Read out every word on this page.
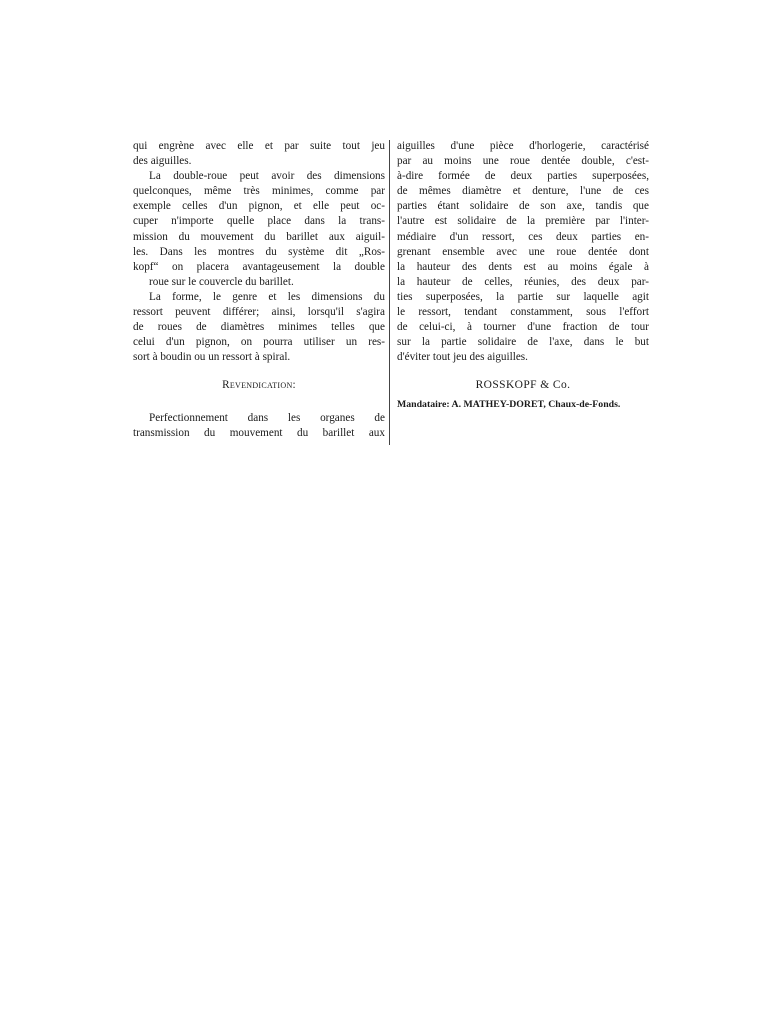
qui engrène avec elle et par suite tout jeu
des aiguilles.
La double-roue peut avoir des dimensions
quelconques, même très minimes, comme par
exemple celles d'un pignon, et elle peut oc-
cuper n'importe quelle place dans la trans-
mission du mouvement du barillet aux aiguil-
les. Dans les montres du système dit „Ros-
kopf“ on placera avantageusement la double
roue sur le couvercle du barillet.
La forme, le genre et les dimensions du
ressort peuvent différer; ainsi, lorsqu'il s'agira
de roues de diamètres minimes telles que
celui d'un pignon, on pourra utiliser un res-
sort à boudin ou un ressort à spiral.
Revendication:
Perfectionnement dans les organes de
transmission du mouvement du barillet aux
aiguilles d'une pièce d'horlogerie, caractérisé
par au moins une roue dentée double, c'est-
à-dire formée de deux parties superposées,
de mêmes diamètre et denture, l'une de ces
parties étant solidaire de son axe, tandis que
l'autre est solidaire de la première par l'inter-
médiaire d'un ressort, ces deux parties en-
grenant ensemble avec une roue dentée dont
la hauteur des dents est au moins égale à
la hauteur de celles, réunies, des deux par-
ties superposées, la partie sur laquelle agit
le ressort, tendant constamment, sous l'effort
de celui-ci, à tourner d'une fraction de tour
sur la partie solidaire de l'axe, dans le but
d'éviter tout jeu des aiguilles.
ROSSKOPF & Co.
Mandataire: A. MATHEY-DORET, Chaux-de-Fonds.
